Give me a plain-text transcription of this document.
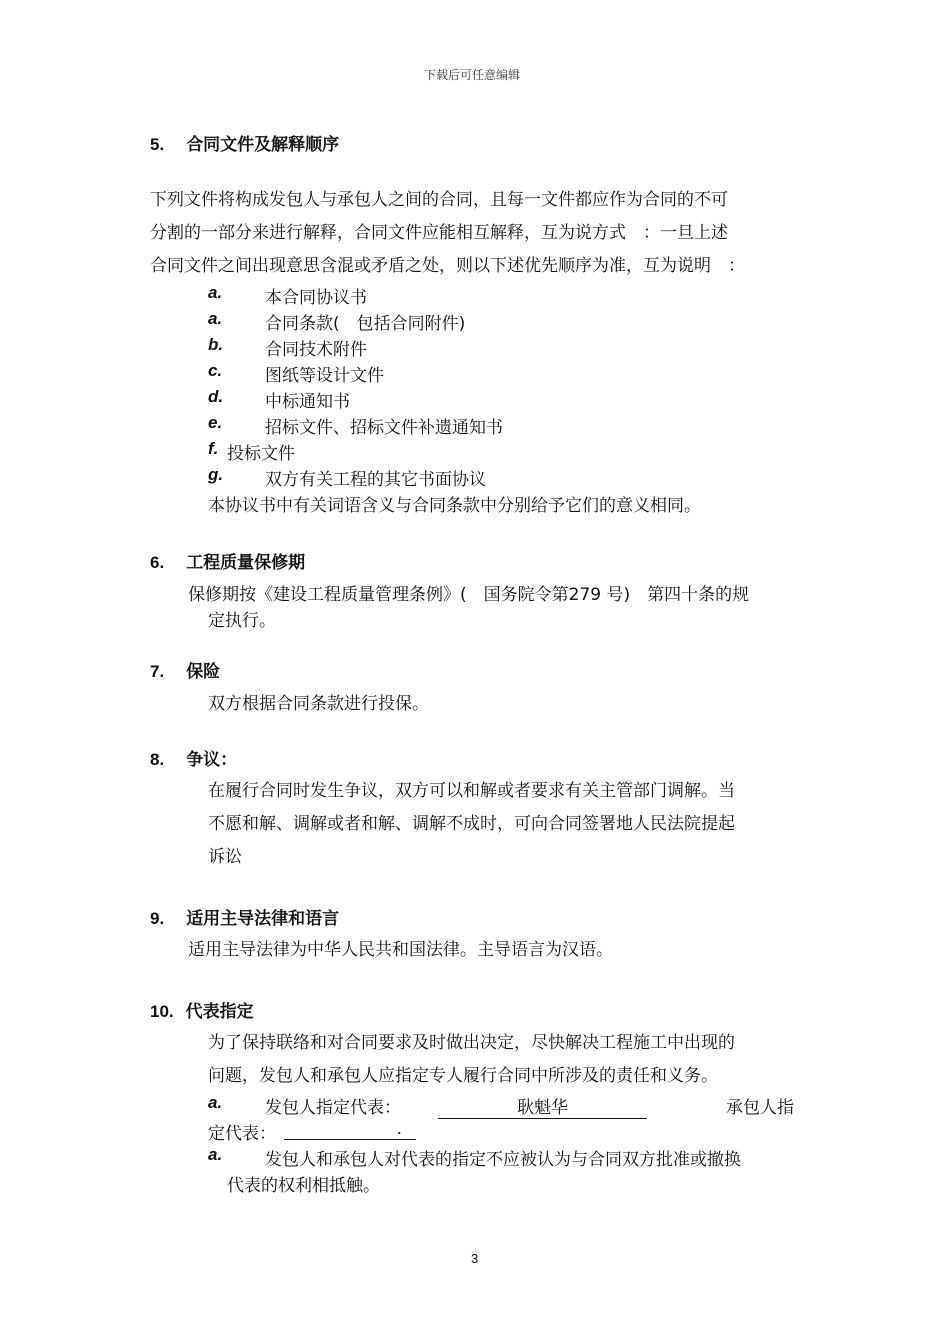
下载后可任意编辑
5. 合同文件及解释顺序
下列文件将构成发包人与承包人之间的合同，且每一文件都应作为合同的不可
分割的一部分来进行解释，合同文件应能相互解释，互为说方式　：一旦上述
合同文件之间出现意思含混或矛盾之处，则以下述优先顺序为准，互为说明　：
a.	本合同协议书
a.	合同条款(　包括合同附件)
b. 合同技术附件
c.	图纸等设计文件
d. 中标通知书
e.	招标文件、招标文件补遗通知书
f. 投标文件
g. 双方有关工程的其它书面协议
本协议书中有关词语含义与合同条款中分别给予它们的意义相同。
6. 工程质量保修期
保修期按《建设工程质量管理条例》(　国务院令第279 号)　第四十条的规
定执行。
7. 保险
双方根据合同条款进行投保。
8. 争议：
在履行合同时发生争议，双方可以和解或者要求有关主管部门调解。当
不愿和解、调解或者和解、调解不成时，可向合同签署地人民法院提起
诉讼
9. 适用主导法律和语言
适用主导法律为中华人民共和国法律。主导语言为汉语。
10. 代表指定
为了保持联络和对合同要求及时做出决定，尽快解决工程施工中出现的
问题，发包人和承包人应指定专人履行合同中所涉及的责任和义务。
a.	发包人指定代表：	耿魁华	承包人指
定代表：	.
a.	发包人和承包人对代表的指定不应被认为与合同双方批准或撤换
代表的权利相抵触。
3
